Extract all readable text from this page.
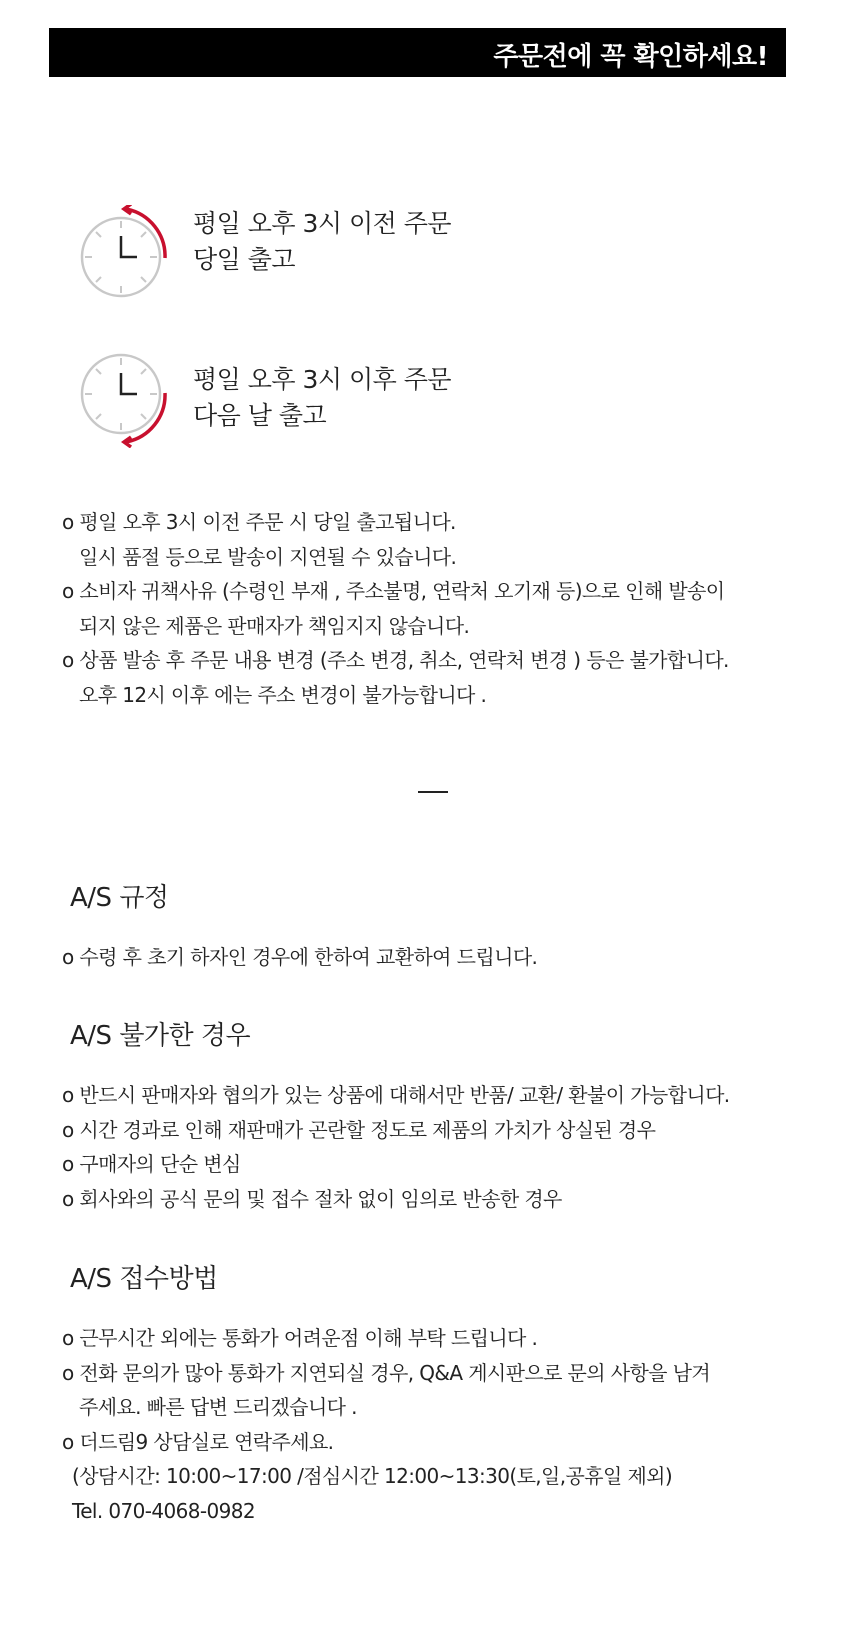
주문전에 꼭 확인하세요!
평일 오후 3시 이전 주문
당일 출고
평일 오후 3시 이후 주문
다음 날 출고
o 평일 오후 3시 이전 주문 시 당일 출고됩니다.
일시 품절 등으로 발송이 지연될 수 있습니다.
o 소비자 귀책사유 (수령인 부재 , 주소불명, 연락처 오기재 등)으로 인해 발송이
되지 않은 제품은 판매자가 책임지지 않습니다.
o 상품 발송 후 주문 내용 변경 (주소 변경, 취소, 연락처 변경 ) 등은 불가합니다.
오후 12시 이후 에는 주소 변경이 불가능합니다 .
A/S 규정
o 수령 후 초기 하자인 경우에 한하여 교환하여 드립니다.
A/S 불가한 경우
o 반드시 판매자와 협의가 있는 상품에 대해서만 반품/ 교환/ 환불이 가능합니다.
o 시간 경과로 인해 재판매가 곤란할 정도로 제품의 가치가 상실된 경우
o 구매자의 단순 변심
o 회사와의 공식 문의 및 접수 절차 없이 임의로 반송한 경우
A/S 접수방법
o 근무시간 외에는 통화가 어려운점 이해 부탁 드립니다 .
o 전화 문의가 많아 통화가 지연되실 경우, Q&A 게시판으로 문의 사항을 남겨
주세요. 빠른 답변 드리겠습니다 .
o 더드림9 상담실로 연락주세요.
(상담시간: 10:00~17:00 /점심시간 12:00~13:30(토,일,공휴일 제외)
Tel. 070-4068-0982
